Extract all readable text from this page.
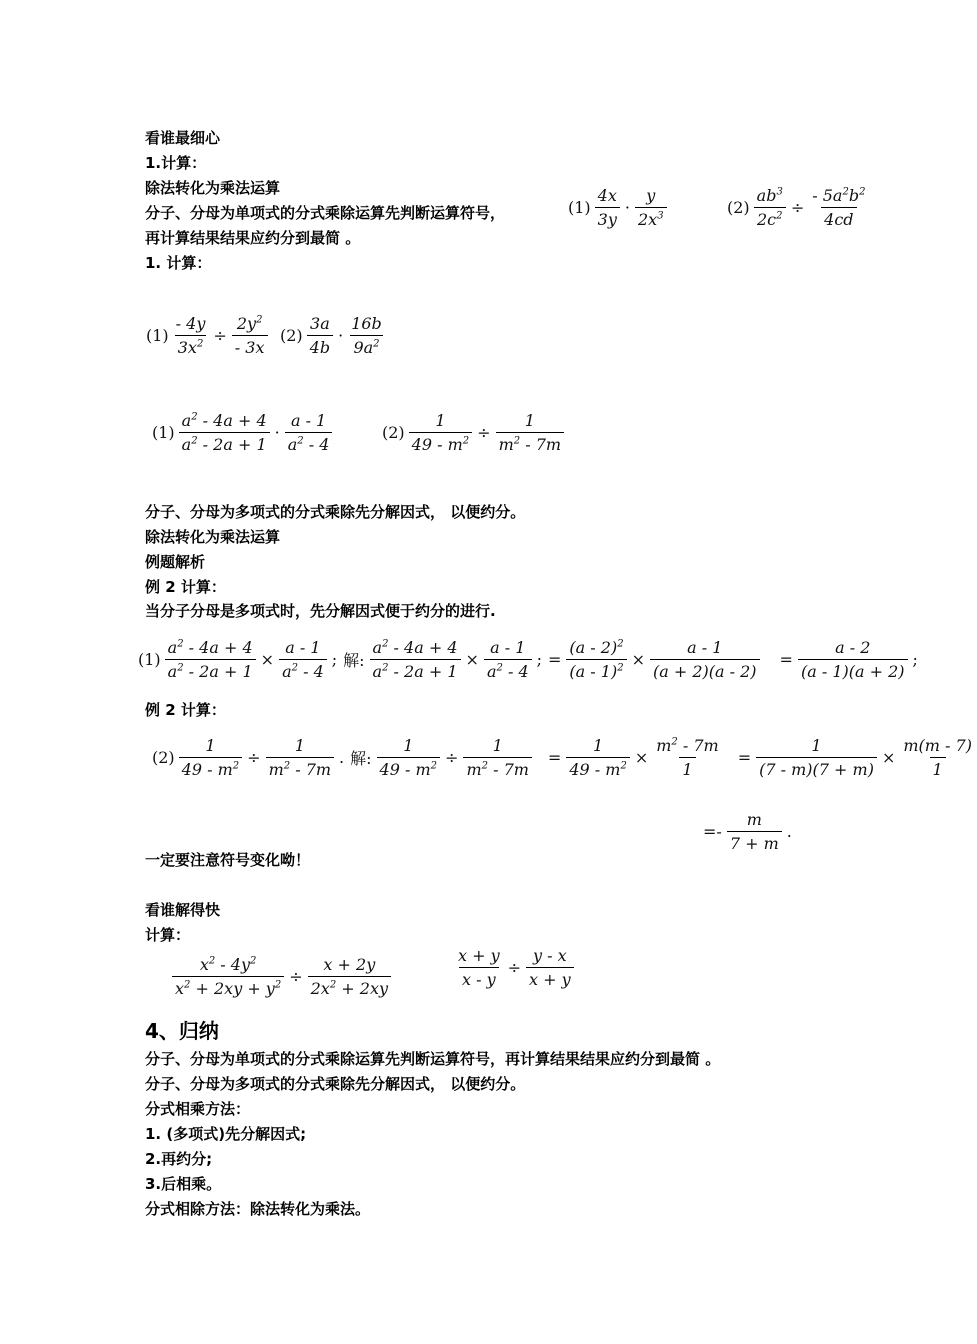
看谁最细心
1.计算：
除法转化为乘法运算
分子、分母为单项式的分式乘除运算先判断运算符号，
再计算结果结果应约分到最简 。
1. 计算：
$(1) \frac{4x}{3y} \cdot \frac{y}{2x^3}$	$(2) \frac{ab^3}{2c^2} \div \frac{- 5a^2b^2}{4cd}$
$(1) \frac{- 4y}{3x^2} \div \frac{2y^2}{- 3x} (2) \frac{3a}{4b} \cdot \frac{16b}{9a^2}$
$(1) \frac{a^2 - 4a + 4}{a^2 - 2a + 1} \cdot \frac{a - 1}{a^2 - 4}$	$(2) \frac{1}{49 - m^2} \div \frac{1}{m^2 - 7m}$
分子、分母为多项式的分式乘除先分解因式， 以便约分。
除法转化为乘法运算
例题解析
例 2 计算：
当分子分母是多项式时，先分解因式便于约分的进行.
$(1) \frac{a^2 - 4a + 4}{a^2 - 2a + 1} \times \frac{a - 1}{a^2 - 4}$ ; 解: $\frac{a^2 - 4a + 4}{a^2 - 2a + 1} \times \frac{a - 1}{a^2 - 4}$ ; = $\frac{(a - 2)^2}{(a - 1)^2} \times \frac{a - 1}{(a + 2)(a - 2)} = \frac{a - 2}{(a - 1)(a + 2)}$ ;
例 2 计算：
$(2) \frac{1}{49 - m^2} \div \frac{1}{m^2 - 7m}$ . 解: $\frac{1}{49 - m^2} \div \frac{1}{m^2 - 7m} = \frac{1}{49 - m^2} \times \frac{m^2 - 7m}{1} = \frac{1}{(7 - m)(7 + m)} \times \frac{m(m - 7)}{1}$
=- $\frac{m}{7 + m}$ .
一定要注意符号变化呦！
看谁解得快
计算：
$\frac{x^2 - 4y^2}{x^2 + 2xy + y^2} \div \frac{x + 2y}{2x^2 + 2xy}$	$\frac{x + y}{x - y} \div \frac{y - x}{x + y}$
4、归纳
分子、分母为单项式的分式乘除运算先判断运算符号，再计算结果结果应约分到最简 。
分子、分母为多项式的分式乘除先分解因式， 以便约分。
分式相乘方法：
1. (多项式)先分解因式;
2.再约分;
3.后相乘。
分式相除方法：除法转化为乘法。
